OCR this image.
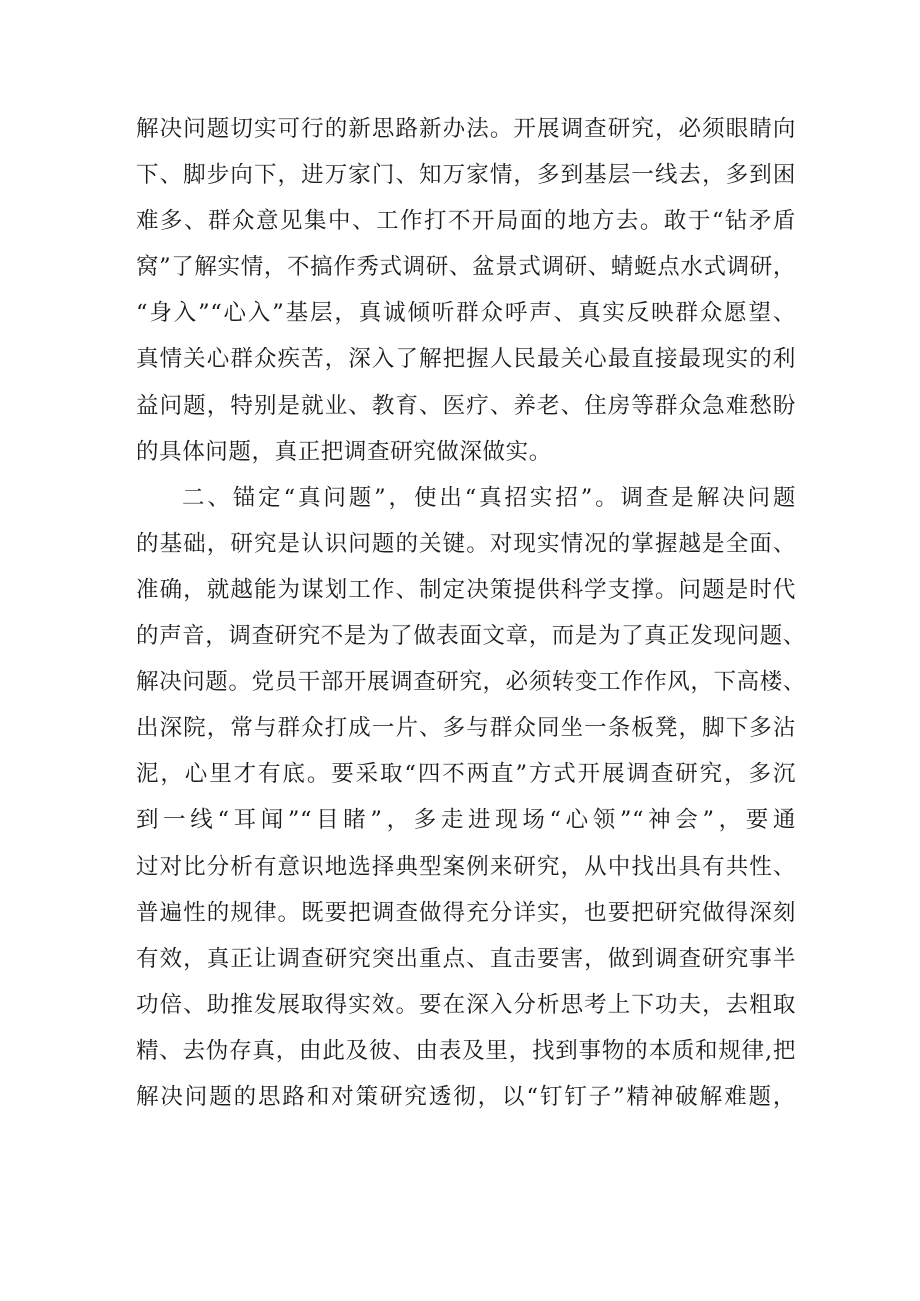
解决问题切实可行的新思路新办法。开展调查研究，必须眼睛向
下、脚步向下，进万家门、知万家情，多到基层一线去，多到困
难多、群众意见集中、工作打不开局面的地方去。敢于“钻矛盾
窝”了解实情，不搞作秀式调研、盆景式调研、蜻蜓点水式调研，
“身入”“心入”基层，真诚倾听群众呼声、真实反映群众愿望、
真情关心群众疾苦，深入了解把握人民最关心最直接最现实的利
益问题，特别是就业、教育、医疗、养老、住房等群众急难愁盼
的具体问题，真正把调查研究做深做实。
二、锚定“真问题”，使出“真招实招”。调查是解决问题
的基础，研究是认识问题的关键。对现实情况的掌握越是全面、
准确，就越能为谋划工作、制定决策提供科学支撑。问题是时代
的声音，调查研究不是为了做表面文章，而是为了真正发现问题、
解决问题。党员干部开展调查研究，必须转变工作作风，下高楼、
出深院，常与群众打成一片、多与群众同坐一条板凳，脚下多沾
泥，心里才有底。要采取“四不两直”方式开展调查研究，多沉
到一线“耳闻”“目睹”，多走进现场“心领”“神会”，要通
过对比分析有意识地选择典型案例来研究，从中找出具有共性、
普遍性的规律。既要把调查做得充分详实，也要把研究做得深刻
有效，真正让调查研究突出重点、直击要害，做到调查研究事半
功倍、助推发展取得实效。要在深入分析思考上下功夫，去粗取
精、去伪存真，由此及彼、由表及里，找到事物的本质和规律,把
解决问题的思路和对策研究透彻，以“钉钉子”精神破解难题，
